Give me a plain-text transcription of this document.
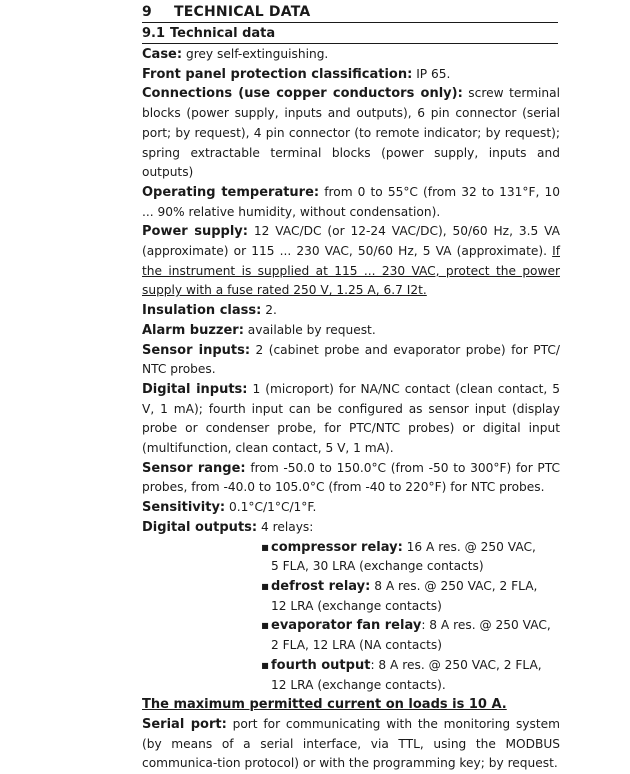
9 TECHNICAL DATA
9.1 Technical data

Case: grey self-extinguishing.

Front panel protection classification: IP 65.

Connections (use copper conductors only): screw terminal blocks (power supply, inputs and outputs), 6 pin connector (serial port; by request), 4 pin connector (to remote indicator; by request); spring extractable terminal blocks (power supply, inputs and outputs)

Operating temperature: from 0 to 55°C (from 32 to 131°F, 10 ... 90% relative humidity, without condensation).

Power supply: 12 VAC/DC (or 12-24 VAC/DC), 50/60 Hz, 3.5 VA (approximate) or 115 ... 230 VAC, 50/60 Hz, 5 VA (approximate). If the instrument is supplied at 115 ... 230 VAC, protect the power supply with a fuse rated 250 V, 1.25 A, 6.7 I2t.

Insulation class: 2.

Alarm buzzer: available by request.

Sensor inputs: 2 (cabinet probe and evaporator probe) for PTC/ NTC probes.

Digital inputs: 1 (microport) for NA/NC contact (clean contact, 5 V, 1 mA); fourth input can be configured as sensor input (display probe or condenser probe, for PTC/NTC probes) or digital input (multifunction, clean contact, 5 V, 1 mA).

Sensor range: from -50.0 to 150.0°C (from -50 to 300°F) for PTC probes, from -40.0 to 105.0°C (from -40 to 220°F) for NTC probes.

Sensitivity: 0.1°C/1°C/1°F.

Digital outputs: 4 relays:

▪ compressor relay: 16 A res. @ 250 VAC,
5 FLA, 30 LRA (exchange contacts)
▪ defrost relay: 8 A res. @ 250 VAC, 2 FLA,
12 LRA (exchange contacts)
▪ evaporator fan relay: 8 A res. @ 250 VAC,
2 FLA, 12 LRA (NA contacts)
▪ fourth output: 8 A res. @ 250 VAC, 2 FLA,
12 LRA (exchange contacts).

The maximum permitted current on loads is 10 A.

Serial port: port for communicating with the monitoring system (by means of a serial interface, via TTL, using the MODBUS communica-tion protocol) or with the programming key; by request.
